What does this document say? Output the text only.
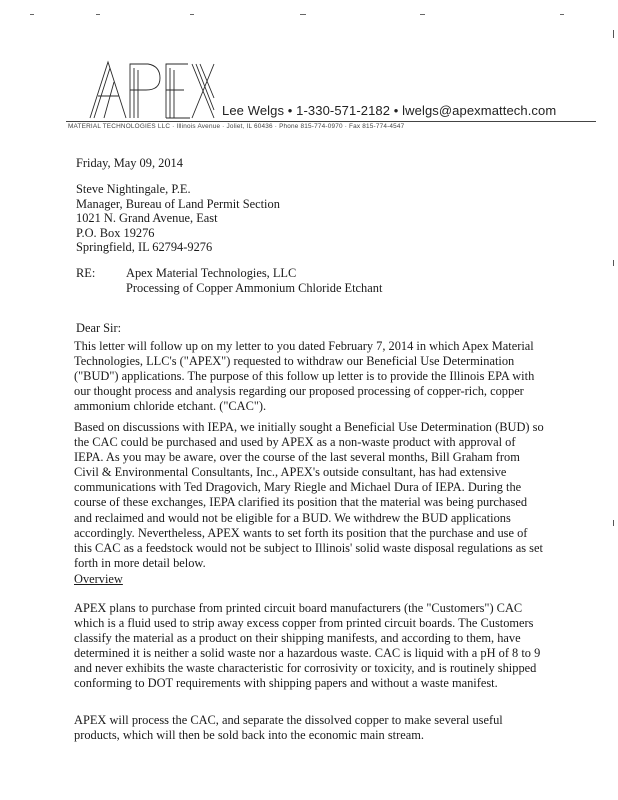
Lee Welgs • 1-330-571-2182 • lwelgs@apexmattech.com
MATERIAL TECHNOLOGIES LLC · Illinois Avenue · Joliet, IL 60436 · Phone 815-774-0970 · Fax 815-774-4547
Friday, May 09, 2014
Steve Nightingale, P.E.
Manager, Bureau of Land Permit Section
1021 N. Grand Avenue, East
P.O. Box 19276
Springfield, IL 62794-9276
RE: Apex Material Technologies, LLC
Processing of Copper Ammonium Chloride Etchant
Dear Sir:

This letter will follow up on my letter to you dated February 7, 2014 in which Apex Material Technologies, LLC's ("APEX") requested to withdraw our Beneficial Use Determination ("BUD") applications. The purpose of this follow up letter is to provide the Illinois EPA with our thought process and analysis regarding our proposed processing of copper-rich, copper ammonium chloride etchant. ("CAC").

Based on discussions with IEPA, we initially sought a Beneficial Use Determination (BUD) so the CAC could be purchased and used by APEX as a non-waste product with approval of IEPA. As you may be aware, over the course of the last several months, Bill Graham from Civil & Environmental Consultants, Inc., APEX's outside consultant, has had extensive communications with Ted Dragovich, Mary Riegle and Michael Dura of IEPA. During the course of these exchanges, IEPA clarified its position that the material was being purchased and reclaimed and would not be eligible for a BUD. We withdrew the BUD applications accordingly. Nevertheless, APEX wants to set forth its position that the purchase and use of this CAC as a feedstock would not be subject to Illinois' solid waste disposal regulations as set forth in more detail below.

Overview

APEX plans to purchase from printed circuit board manufacturers (the "Customers") CAC which is a fluid used to strip away excess copper from printed circuit boards. The Customers classify the material as a product on their shipping manifests, and according to them, have determined it is neither a solid waste nor a hazardous waste. CAC is liquid with a pH of 8 to 9 and never exhibits the waste characteristic for corrosivity or toxicity, and is routinely shipped conforming to DOT requirements with shipping papers and without a waste manifest.

APEX will process the CAC, and separate the dissolved copper to make several useful products, which will then be sold back into the economic main stream.
